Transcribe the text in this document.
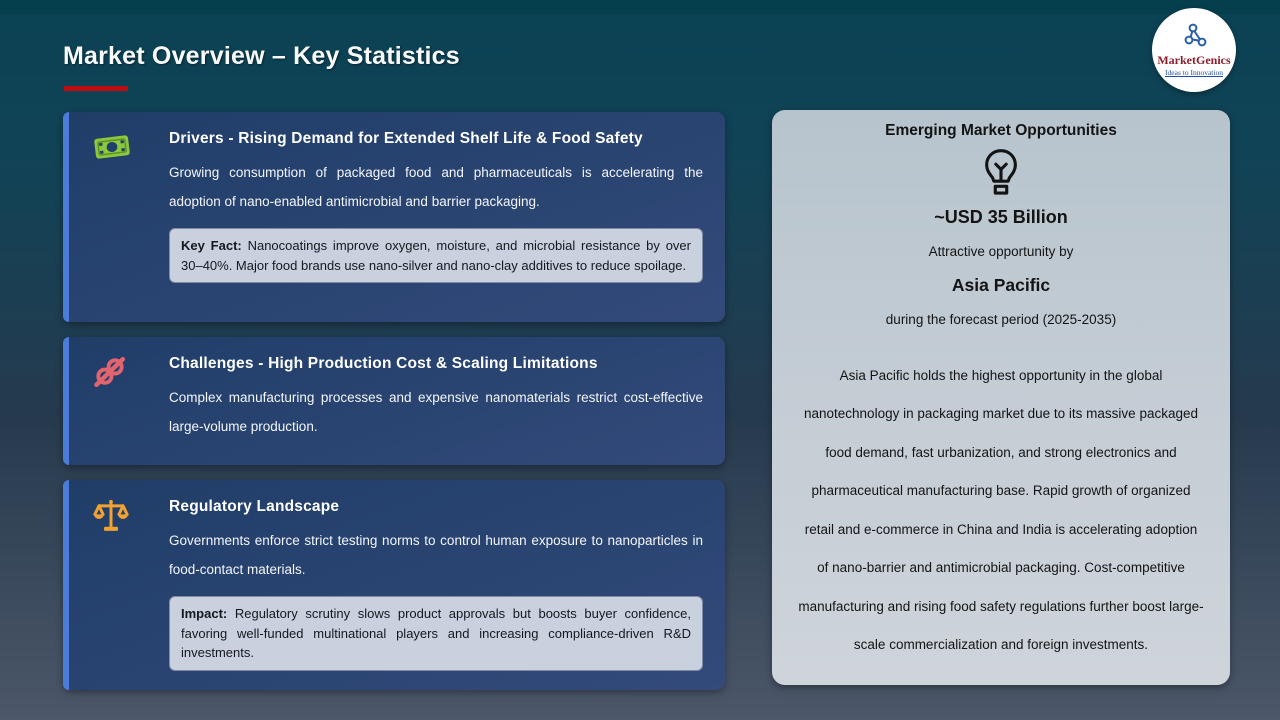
Market Overview – Key Statistics	MarketGenics
Ideas to Innovation
Drivers - Rising Demand for Extended Shelf Life & Food Safety
Growing consumption of packaged food and pharmaceuticals is accelerating the adoption of nano-enabled antimicrobial and barrier packaging.
Key Fact: Nanocoatings improve oxygen, moisture, and microbial resistance by over 30–40%. Major food brands use nano-silver and nano-clay additives to reduce spoilage.
Challenges - High Production Cost & Scaling Limitations
Complex manufacturing processes and expensive nanomaterials restrict cost-effective large-volume production.
Regulatory Landscape
Governments enforce strict testing norms to control human exposure to nanoparticles in food-contact materials.
Impact: Regulatory scrutiny slows product approvals but boosts buyer confidence, favoring well-funded multinational players and increasing compliance-driven R&D investments.
Emerging Market Opportunities
~USD 35 Billion
Attractive opportunity by
Asia Pacific
during the forecast period (2025-2035)
Asia Pacific holds the highest opportunity in the global nanotechnology in packaging market due to its massive packaged food demand, fast urbanization, and strong electronics and pharmaceutical manufacturing base. Rapid growth of organized retail and e-commerce in China and India is accelerating adoption of nano-barrier and antimicrobial packaging. Cost-competitive manufacturing and rising food safety regulations further boost large-scale commercialization and foreign investments.
